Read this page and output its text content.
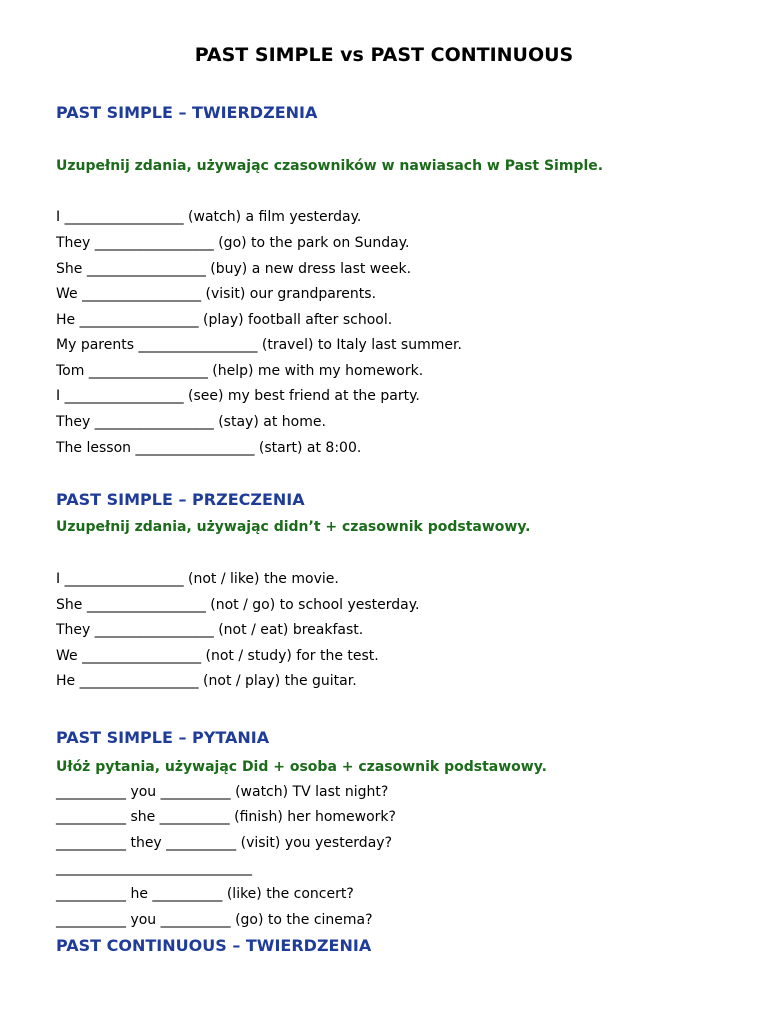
PAST SIMPLE vs PAST CONTINUOUS
PAST SIMPLE – TWIERDZENIA
Uzupełnij zdania, używając czasowników w nawiasach w Past Simple.
I _________________ (watch) a film yesterday.
They _________________ (go) to the park on Sunday.
She _________________ (buy) a new dress last week.
We _________________ (visit) our grandparents.
He _________________ (play) football after school.
My parents _________________ (travel) to Italy last summer.
Tom _________________ (help) me with my homework.
I _________________ (see) my best friend at the party.
They _________________ (stay) at home.
The lesson _________________ (start) at 8:00.
PAST SIMPLE – PRZECZENIA
Uzupełnij zdania, używając didn’t + czasownik podstawowy.
I _________________ (not / like) the movie.
She _________________ (not / go) to school yesterday.
They _________________ (not / eat) breakfast.
We _________________ (not / study) for the test.
He _________________ (not / play) the guitar.
PAST SIMPLE – PYTANIA
Ułóż pytania, używając Did + osoba + czasownik podstawowy.
__________ you __________ (watch) TV last night?
__________ she __________ (finish) her homework?
__________ they __________ (visit) you yesterday?
____________________________
__________ he __________ (like) the concert?
__________ you __________ (go) to the cinema?
PAST CONTINUOUS – TWIERDZENIA
